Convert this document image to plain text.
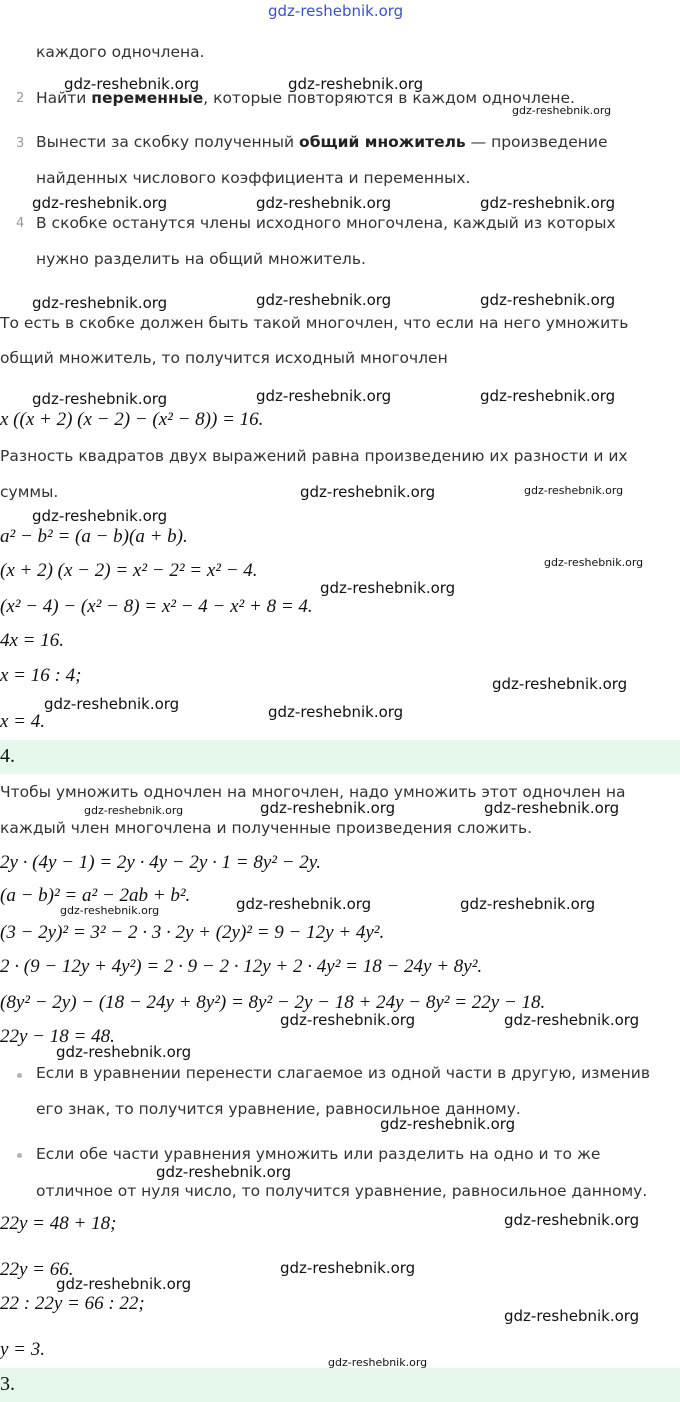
gdz-reshebnik.org
каждого одночлена.
2 Найти переменные, которые повторяются в каждом одночлене.
3 Вынести за скобку полученный общий множитель — произведение
найденных числового коэффициента и переменных.
4 В скобке останутся члены исходного многочлена, каждый из которых
нужно разделить на общий множитель.
То есть в скобке должен быть такой многочлен, что если на него умножить
общий множитель, то получится исходный многочлен
x ((x + 2) (x − 2) − (x² − 8)) = 16.
Разность квадратов двух выражений равна произведению их разности и их
суммы.
a² − b² = (a − b)(a + b).
(x + 2) (x − 2) = x² − 2² = x² − 4.
(x² − 4) − (x² − 8) = x² − 4 − x² + 8 = 4.
4x = 16.
x = 16 : 4;
x = 4.
4.
Чтобы умножить одночлен на многочлен, надо умножить этот одночлен на
каждый член многочлена и полученные произведения сложить.
2y · (4y − 1) = 2y · 4y − 2y · 1 = 8y² − 2y.
(a − b)² = a² − 2ab + b².
(3 − 2y)² = 3² − 2 · 3 · 2y + (2y)² = 9 − 12y + 4y².
2 · (9 − 12y + 4y²) = 2 · 9 − 2 · 12y + 2 · 4y² = 18 − 24y + 8y².
(8y² − 2y) − (18 − 24y + 8y²) = 8y² − 2y − 18 + 24y − 8y² = 22y − 18.
22y − 18 = 48.
Если в уравнении перенести слагаемое из одной части в другую, изменив
его знак, то получится уравнение, равносильное данному.
Если обе части уравнения умножить или разделить на одно и то же
отличное от нуля число, то получится уравнение, равносильное данному.
22y = 48 + 18;
22y = 66.
22 : 22y = 66 : 22;
y = 3.
3.
gdz-reshebnik.org	gdz-reshebnik.org
gdz-reshebnik.org
gdz-reshebnik.org	gdz-reshebnik.org	gdz-reshebnik.org
gdz-reshebnik.org	gdz-reshebnik.org	gdz-reshebnik.org
gdz-reshebnik.org	gdz-reshebnik.org	gdz-reshebnik.org
gdz-reshebnik.org	gdz-reshebnik.org
gdz-reshebnik.org
gdz-reshebnik.org
gdz-reshebnik.org
gdz-reshebnik.org
gdz-reshebnik.org	gdz-reshebnik.org
gdz-reshebnik.org	gdz-reshebnik.org	gdz-reshebnik.org
gdz-reshebnik.org	gdz-reshebnik.org
gdz-reshebnik.org
gdz-reshebnik.org	gdz-reshebnik.org
gdz-reshebnik.org
gdz-reshebnik.org
gdz-reshebnik.org
gdz-reshebnik.org
gdz-reshebnik.org
gdz-reshebnik.org
gdz-reshebnik.org
gdz-reshebnik.org
